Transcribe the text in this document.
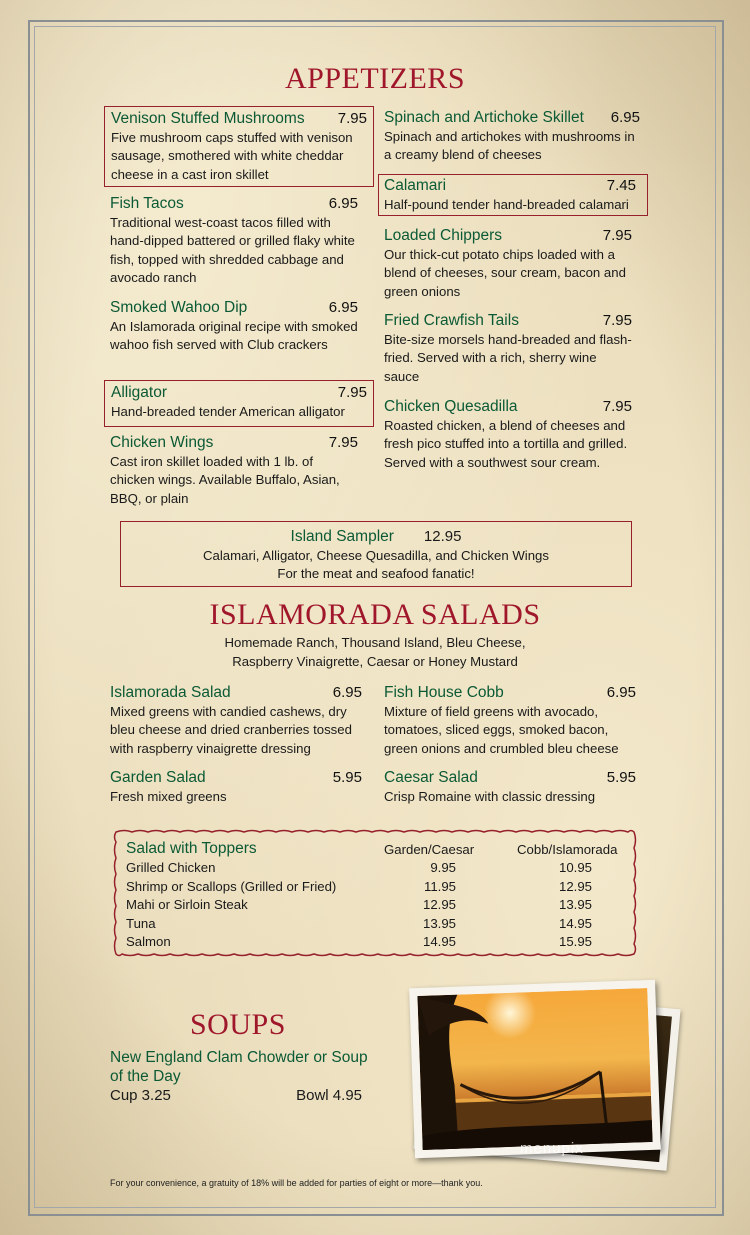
APPETIZERS
Venison Stuffed Mushrooms 7.95
Five mushroom caps stuffed with venison sausage, smothered with white cheddar cheese in a cast iron skillet
Fish Tacos	6.95
Traditional west-coast tacos filled with hand-dipped battered or grilled flaky white fish, topped with shredded cabbage and avocado ranch
Smoked Wahoo Dip	6.95
An Islamorada original recipe with smoked wahoo fish served with Club crackers
Alligator	7.95
Hand-breaded tender American alligator
Chicken Wings	7.95
Cast iron skillet loaded with 1 lb. of chicken wings. Available Buffalo, Asian, BBQ, or plain
Spinach and Artichoke Skillet 6.95
Spinach and artichokes with mushrooms in a creamy blend of cheeses
Calamari	7.45
Half-pound tender hand-breaded calamari
Loaded Chippers	7.95
Our thick-cut potato chips loaded with a blend of cheeses, sour cream, bacon and green onions
Fried Crawfish Tails	7.95
Bite-size morsels hand-breaded and flash-fried. Served with a rich, sherry wine sauce
Chicken Quesadilla	7.95
Roasted chicken, a blend of cheeses and fresh pico stuffed into a tortilla and grilled. Served with a southwest sour cream.
Island Sampler 12.95
Calamari, Alligator, Cheese Quesadilla, and Chicken Wings
For the meat and seafood fanatic!
ISLAMORADA SALADS
Homemade Ranch, Thousand Island, Bleu Cheese,
Raspberry Vinaigrette, Caesar or Honey Mustard
Islamorada Salad	6.95
Mixed greens with candied cashews, dry bleu cheese and dried cranberries tossed with raspberry vinaigrette dressing
Fish House Cobb	6.95
Mixture of field greens with avocado, tomatoes, sliced eggs, smoked bacon, green onions and crumbled bleu cheese
Garden Salad	5.95
Fresh mixed greens
Caesar Salad	5.95
Crisp Romaine with classic dressing
Salad with Toppers	Garden/Caesar	Cobb/Islamorada
Grilled Chicken	9.95	10.95
Shrimp or Scallops (Grilled or Fried)	11.95	12.95
Mahi or Sirloin Steak	12.95	13.95
Tuna	13.95	14.95
Salmon	14.95	15.95
SOUPS
New England Clam Chowder or Soup of the Day
Cup 3.25	Bowl 4.95
menupix
For your convenience, a gratuity of 18% will be added for parties of eight or more—thank you.
